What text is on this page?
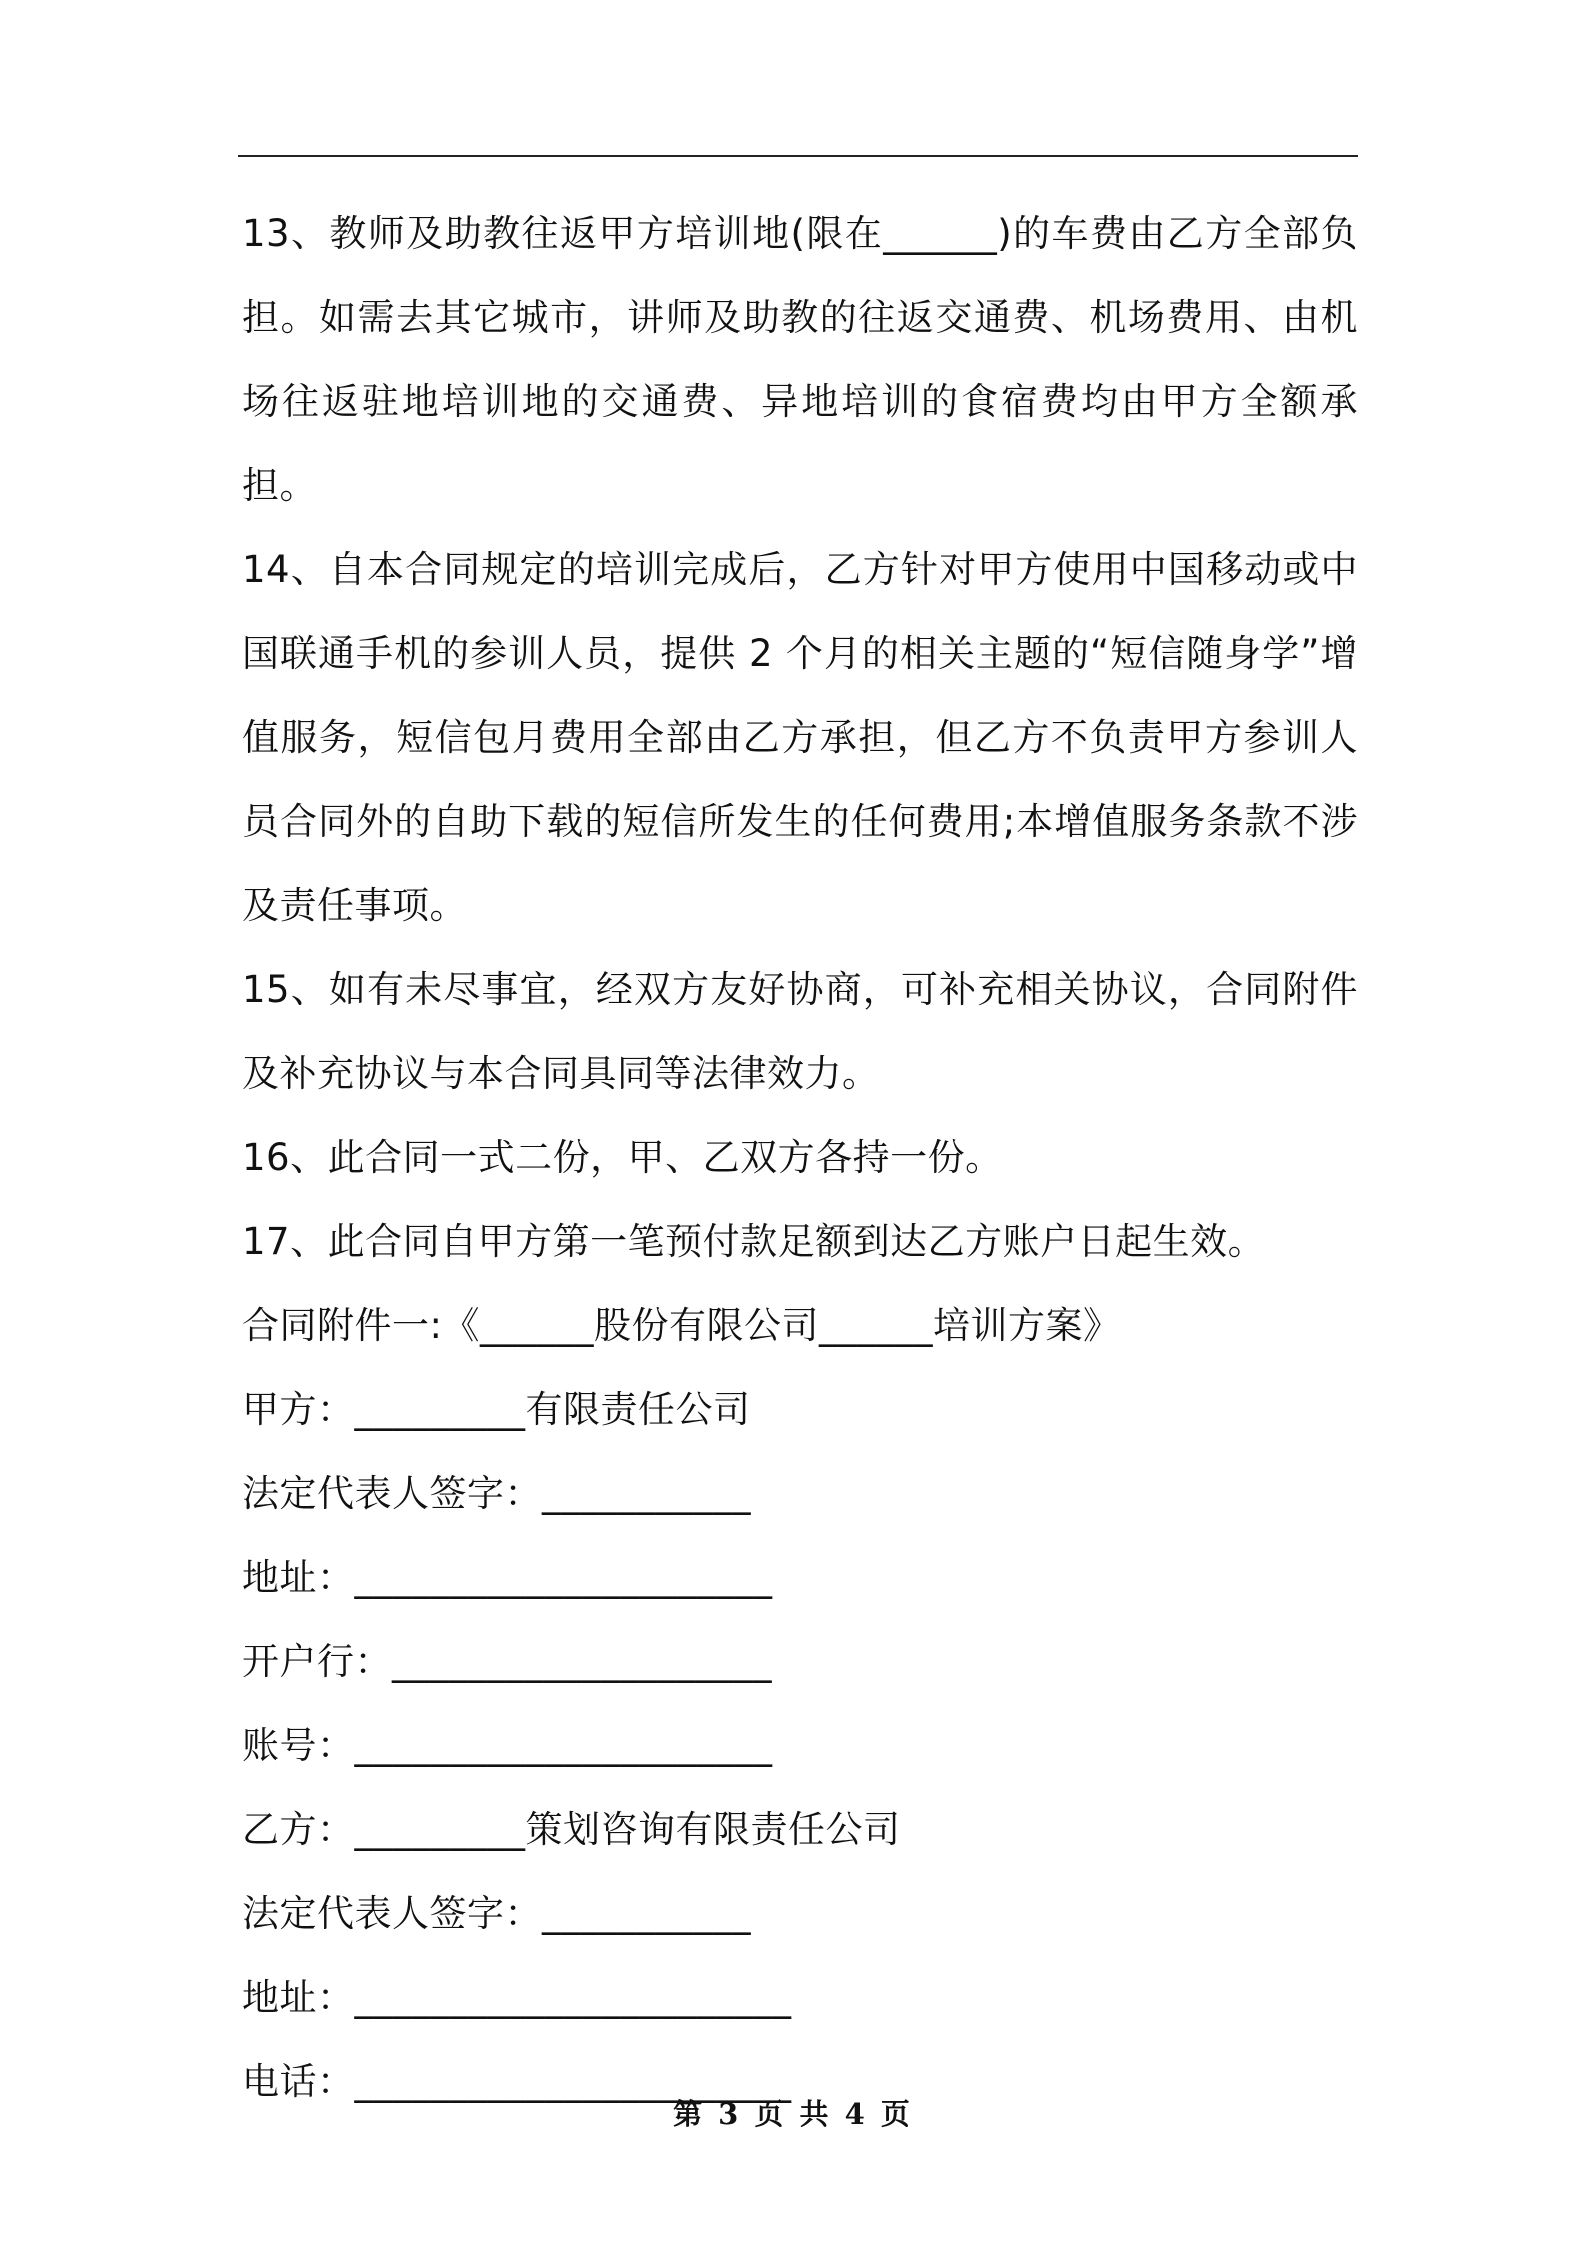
13、教师及助教往返甲方培训地(限在______)的车费由乙方全部负担。如需去其它城市，讲师及助教的往返交通费、机场费用、由机场往返驻地培训地的交通费、异地培训的食宿费均由甲方全额承担。

14、自本合同规定的培训完成后，乙方针对甲方使用中国移动或中国联通手机的参训人员，提供 2 个月的相关主题的“短信随身学”增值服务，短信包月费用全部由乙方承担，但乙方不负责甲方参训人员合同外的自助下载的短信所发生的任何费用;本增值服务条款不涉及责任事项。

15、如有未尽事宜，经双方友好协商，可补充相关协议，合同附件及补充协议与本合同具同等法律效力。

16、此合同一式二份，甲、乙双方各持一份。

17、此合同自甲方第一笔预付款足额到达乙方账户日起生效。

合同附件一:《______股份有限公司______培训方案》

甲方：_________有限责任公司

法定代表人签字：___________

地址：______________________

开户行：____________________

账号：______________________

乙方：_________策划咨询有限责任公司

法定代表人签字：___________

地址：_______________________

电话：_______________________

第 3 页 共 4 页
